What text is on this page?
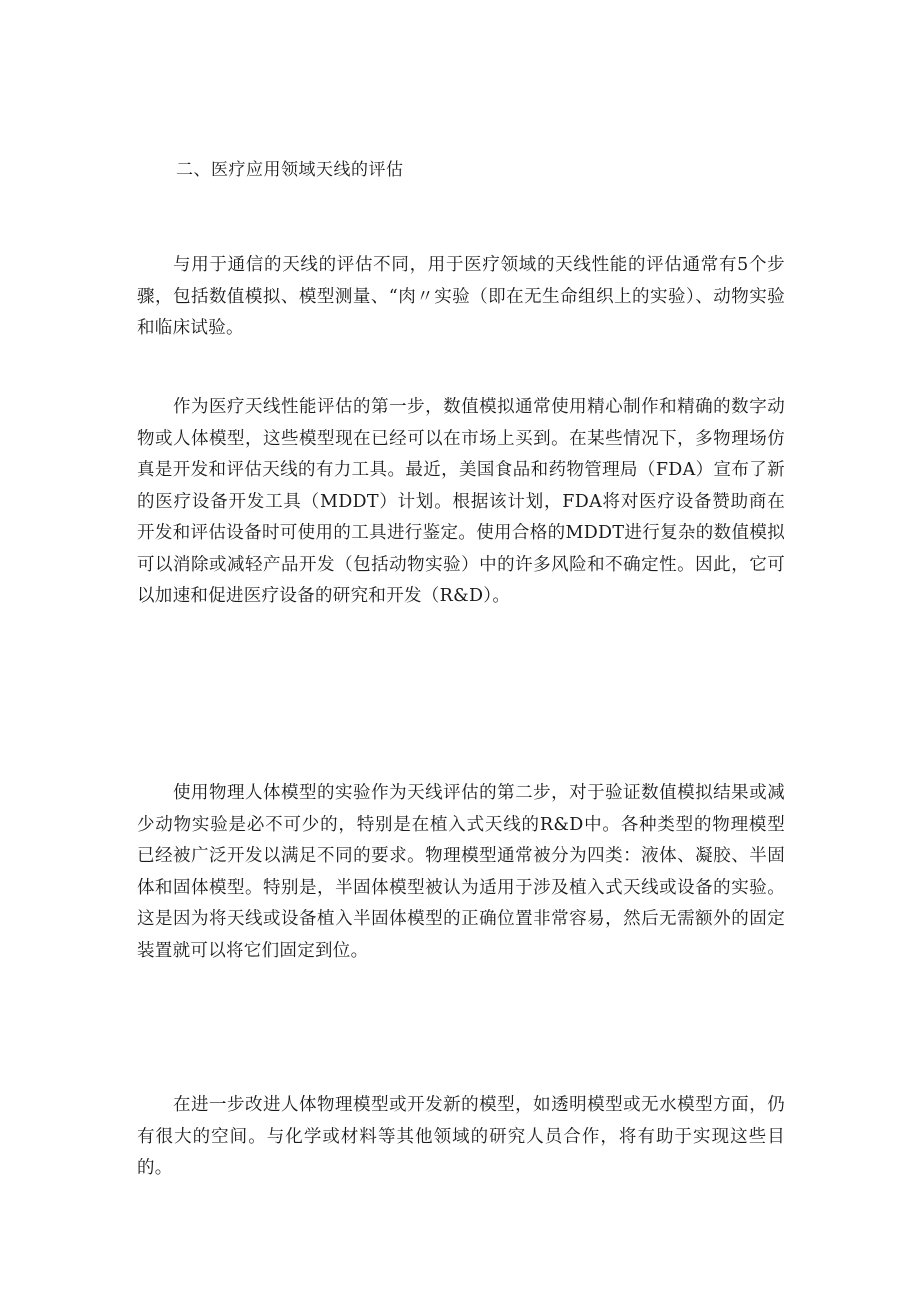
二、医疗应用领域天线的评估

与用于通信的天线的评估不同，用于医疗领域的天线性能的评估通常有5个步骤，包括数值模拟、模型测量、“肉〃实验（即在无生命组织上的实验）、动物实验和临床试验。

作为医疗天线性能评估的第一步，数值模拟通常使用精心制作和精确的数字动物或人体模型，这些模型现在已经可以在市场上买到。在某些情况下，多物理场仿真是开发和评估天线的有力工具。最近，美国食品和药物管理局（FDA）宣布了新的医疗设备开发工具（MDDT）计划。根据该计划，FDA将对医疗设备赞助商在开发和评估设备时可使用的工具进行鉴定。使用合格的MDDT进行复杂的数值模拟可以消除或减轻产品开发（包括动物实验）中的许多风险和不确定性。因此，它可以加速和促进医疗设备的研究和开发（R&D）。

使用物理人体模型的实验作为天线评估的第二步，对于验证数值模拟结果或减少动物实验是必不可少的，特别是在植入式天线的R&D中。各种类型的物理模型已经被广泛开发以满足不同的要求。物理模型通常被分为四类：液体、凝胶、半固体和固体模型。特别是，半固体模型被认为适用于涉及植入式天线或设备的实验。这是因为将天线或设备植入半固体模型的正确位置非常容易，然后无需额外的固定装置就可以将它们固定到位。

在进一步改进人体物理模型或开发新的模型，如透明模型或无水模型方面，仍有很大的空间。与化学或材料等其他领域的研究人员合作，将有助于实现这些目的。
